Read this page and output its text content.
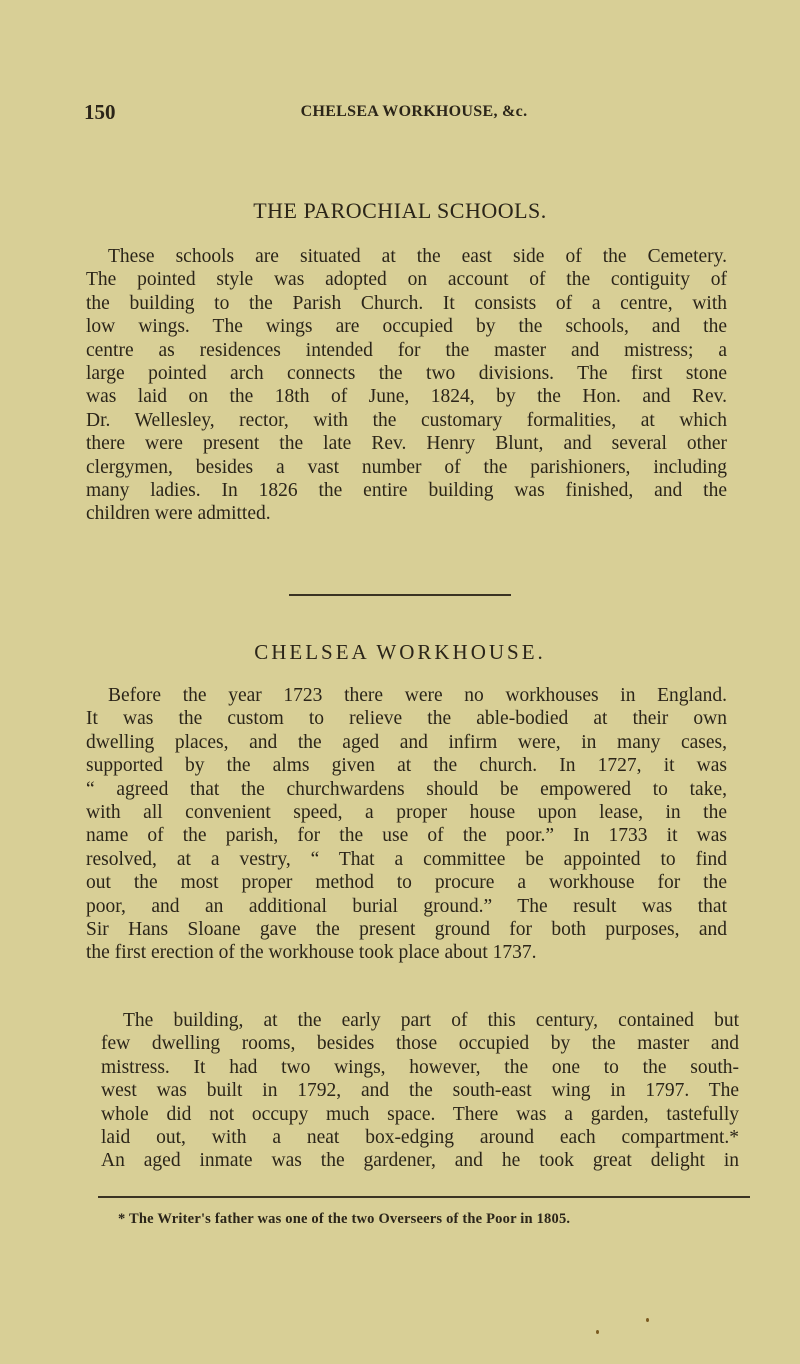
150	CHELSEA WORKHOUSE, &c.
THE PAROCHIAL SCHOOLS.
These schools are situated at the east side of the Cemetery.
The pointed style was adopted on account of the contiguity of
the building to the Parish Church. It consists of a centre, with
low wings. The wings are occupied by the schools, and the
centre as residences intended for the master and mistress; a
large pointed arch connects the two divisions. The first stone
was laid on the 18th of June, 1824, by the Hon. and Rev.
Dr. Wellesley, rector, with the customary formalities, at which
there were present the late Rev. Henry Blunt, and several other
clergymen, besides a vast number of the parishioners, including
many ladies. In 1826 the entire building was finished, and the
children were admitted.
CHELSEA WORKHOUSE.
Before the year 1723 there were no workhouses in England.
It was the custom to relieve the able-bodied at their own
dwelling places, and the aged and infirm were, in many cases,
supported by the alms given at the church. In 1727, it was
“ agreed that the churchwardens should be empowered to take,
with all convenient speed, a proper house upon lease, in the
name of the parish, for the use of the poor.” In 1733 it was
resolved, at a vestry, “ That a committee be appointed to find
out the most proper method to procure a workhouse for the
poor, and an additional burial ground.” The result was that
Sir Hans Sloane gave the present ground for both purposes, and
the first erection of the workhouse took place about 1737.
The building, at the early part of this century, contained but
few dwelling rooms, besides those occupied by the master and
mistress. It had two wings, however, the one to the south-
west was built in 1792, and the south-east wing in 1797. The
whole did not occupy much space. There was a garden, tastefully
laid out, with a neat box-edging around each compartment.*
An aged inmate was the gardener, and he took great delight in
* The Writer's father was one of the two Overseers of the Poor in 1805.
